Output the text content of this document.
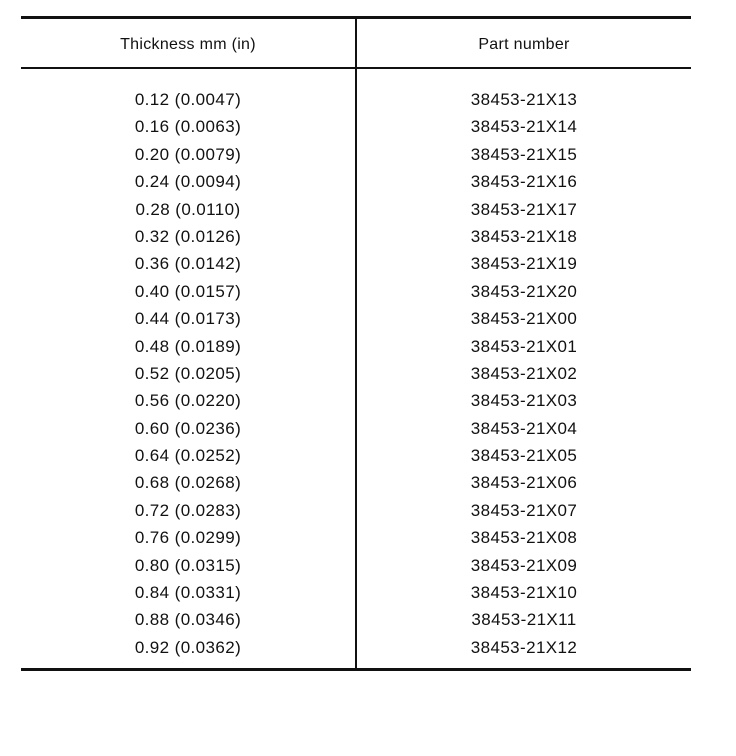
Thickness mm (in)	Part number
0.12 (0.0047)	38453-21X13
0.16 (0.0063)	38453-21X14
0.20 (0.0079)	38453-21X15
0.24 (0.0094)	38453-21X16
0.28 (0.0110)	38453-21X17
0.32 (0.0126)	38453-21X18
0.36 (0.0142)	38453-21X19
0.40 (0.0157)	38453-21X20
0.44 (0.0173)	38453-21X00
0.48 (0.0189)	38453-21X01
0.52 (0.0205)	38453-21X02
0.56 (0.0220)	38453-21X03
0.60 (0.0236)	38453-21X04
0.64 (0.0252)	38453-21X05
0.68 (0.0268)	38453-21X06
0.72 (0.0283)	38453-21X07
0.76 (0.0299)	38453-21X08
0.80 (0.0315)	38453-21X09
0.84 (0.0331)	38453-21X10
0.88 (0.0346)	38453-21X11
0.92 (0.0362)	38453-21X12
